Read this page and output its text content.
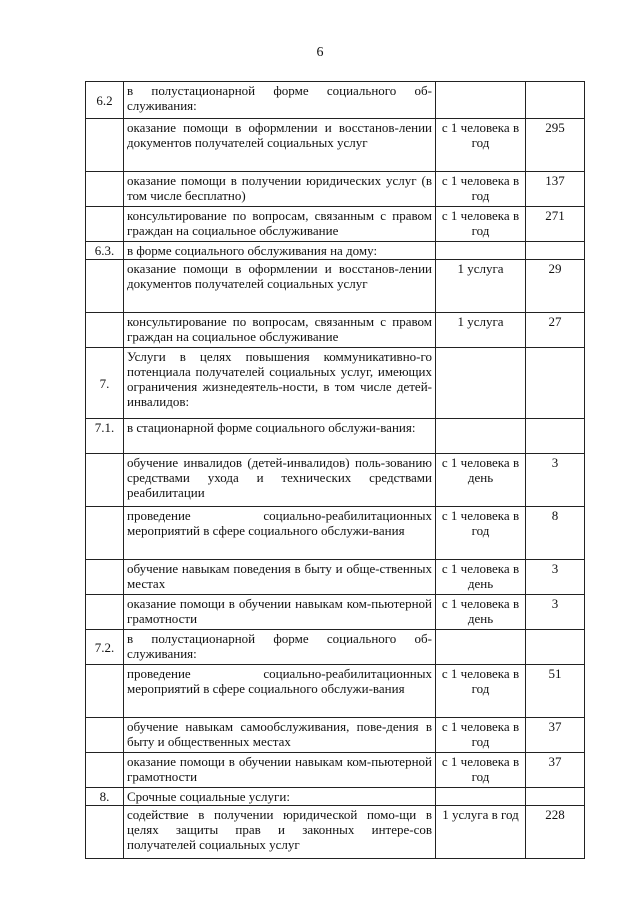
6
6.2	в полустационарной форме социального об-служивания:		
	оказание помощи в оформлении и восстанов-лении документов получателей социальных услуг	с 1 человека в год	295
	оказание помощи в получении юридических услуг (в том числе бесплатно)	с 1 человека в год	137
	консультирование по вопросам, связанным с правом граждан на социальное обслуживание	с 1 человека в год	271
6.3.	в форме социального обслуживания на дому:		
	оказание помощи в оформлении и восстанов-лении документов получателей социальных услуг	1 услуга	29
	консультирование по вопросам, связанным с правом граждан на социальное обслуживание	1 услуга	27
7.	Услуги в целях повышения коммуникативно-го потенциала получателей социальных услуг, имеющих ограничения жизнедеятель-ности, в том числе детей-инвалидов:		
7.1.	в стационарной форме социального обслужи-вания:		
	обучение инвалидов (детей-инвалидов) поль-зованию средствами ухода и технических средствами реабилитации	с 1 человека в день	3
	проведение социально-реабилитационных мероприятий в сфере социального обслужи-вания	с 1 человека в год	8
	обучение навыкам поведения в быту и обще-ственных местах	с 1 человека в день	3
	оказание помощи в обучении навыкам ком-пьютерной грамотности	с 1 человека в день	3
7.2.	в полустационарной форме социального об-служивания:		
	проведение социально-реабилитационных мероприятий в сфере социального обслужи-вания	с 1 человека в год	51
	обучение навыкам самообслуживания, пове-дения в быту и общественных местах	с 1 человека в год	37
	оказание помощи в обучении навыкам ком-пьютерной грамотности	с 1 человека в год	37
8.	Срочные социальные услуги:		
	содействие в получении юридической помо-щи в целях защиты прав и законных интере-сов получателей социальных услуг	1 услуга в год	228
